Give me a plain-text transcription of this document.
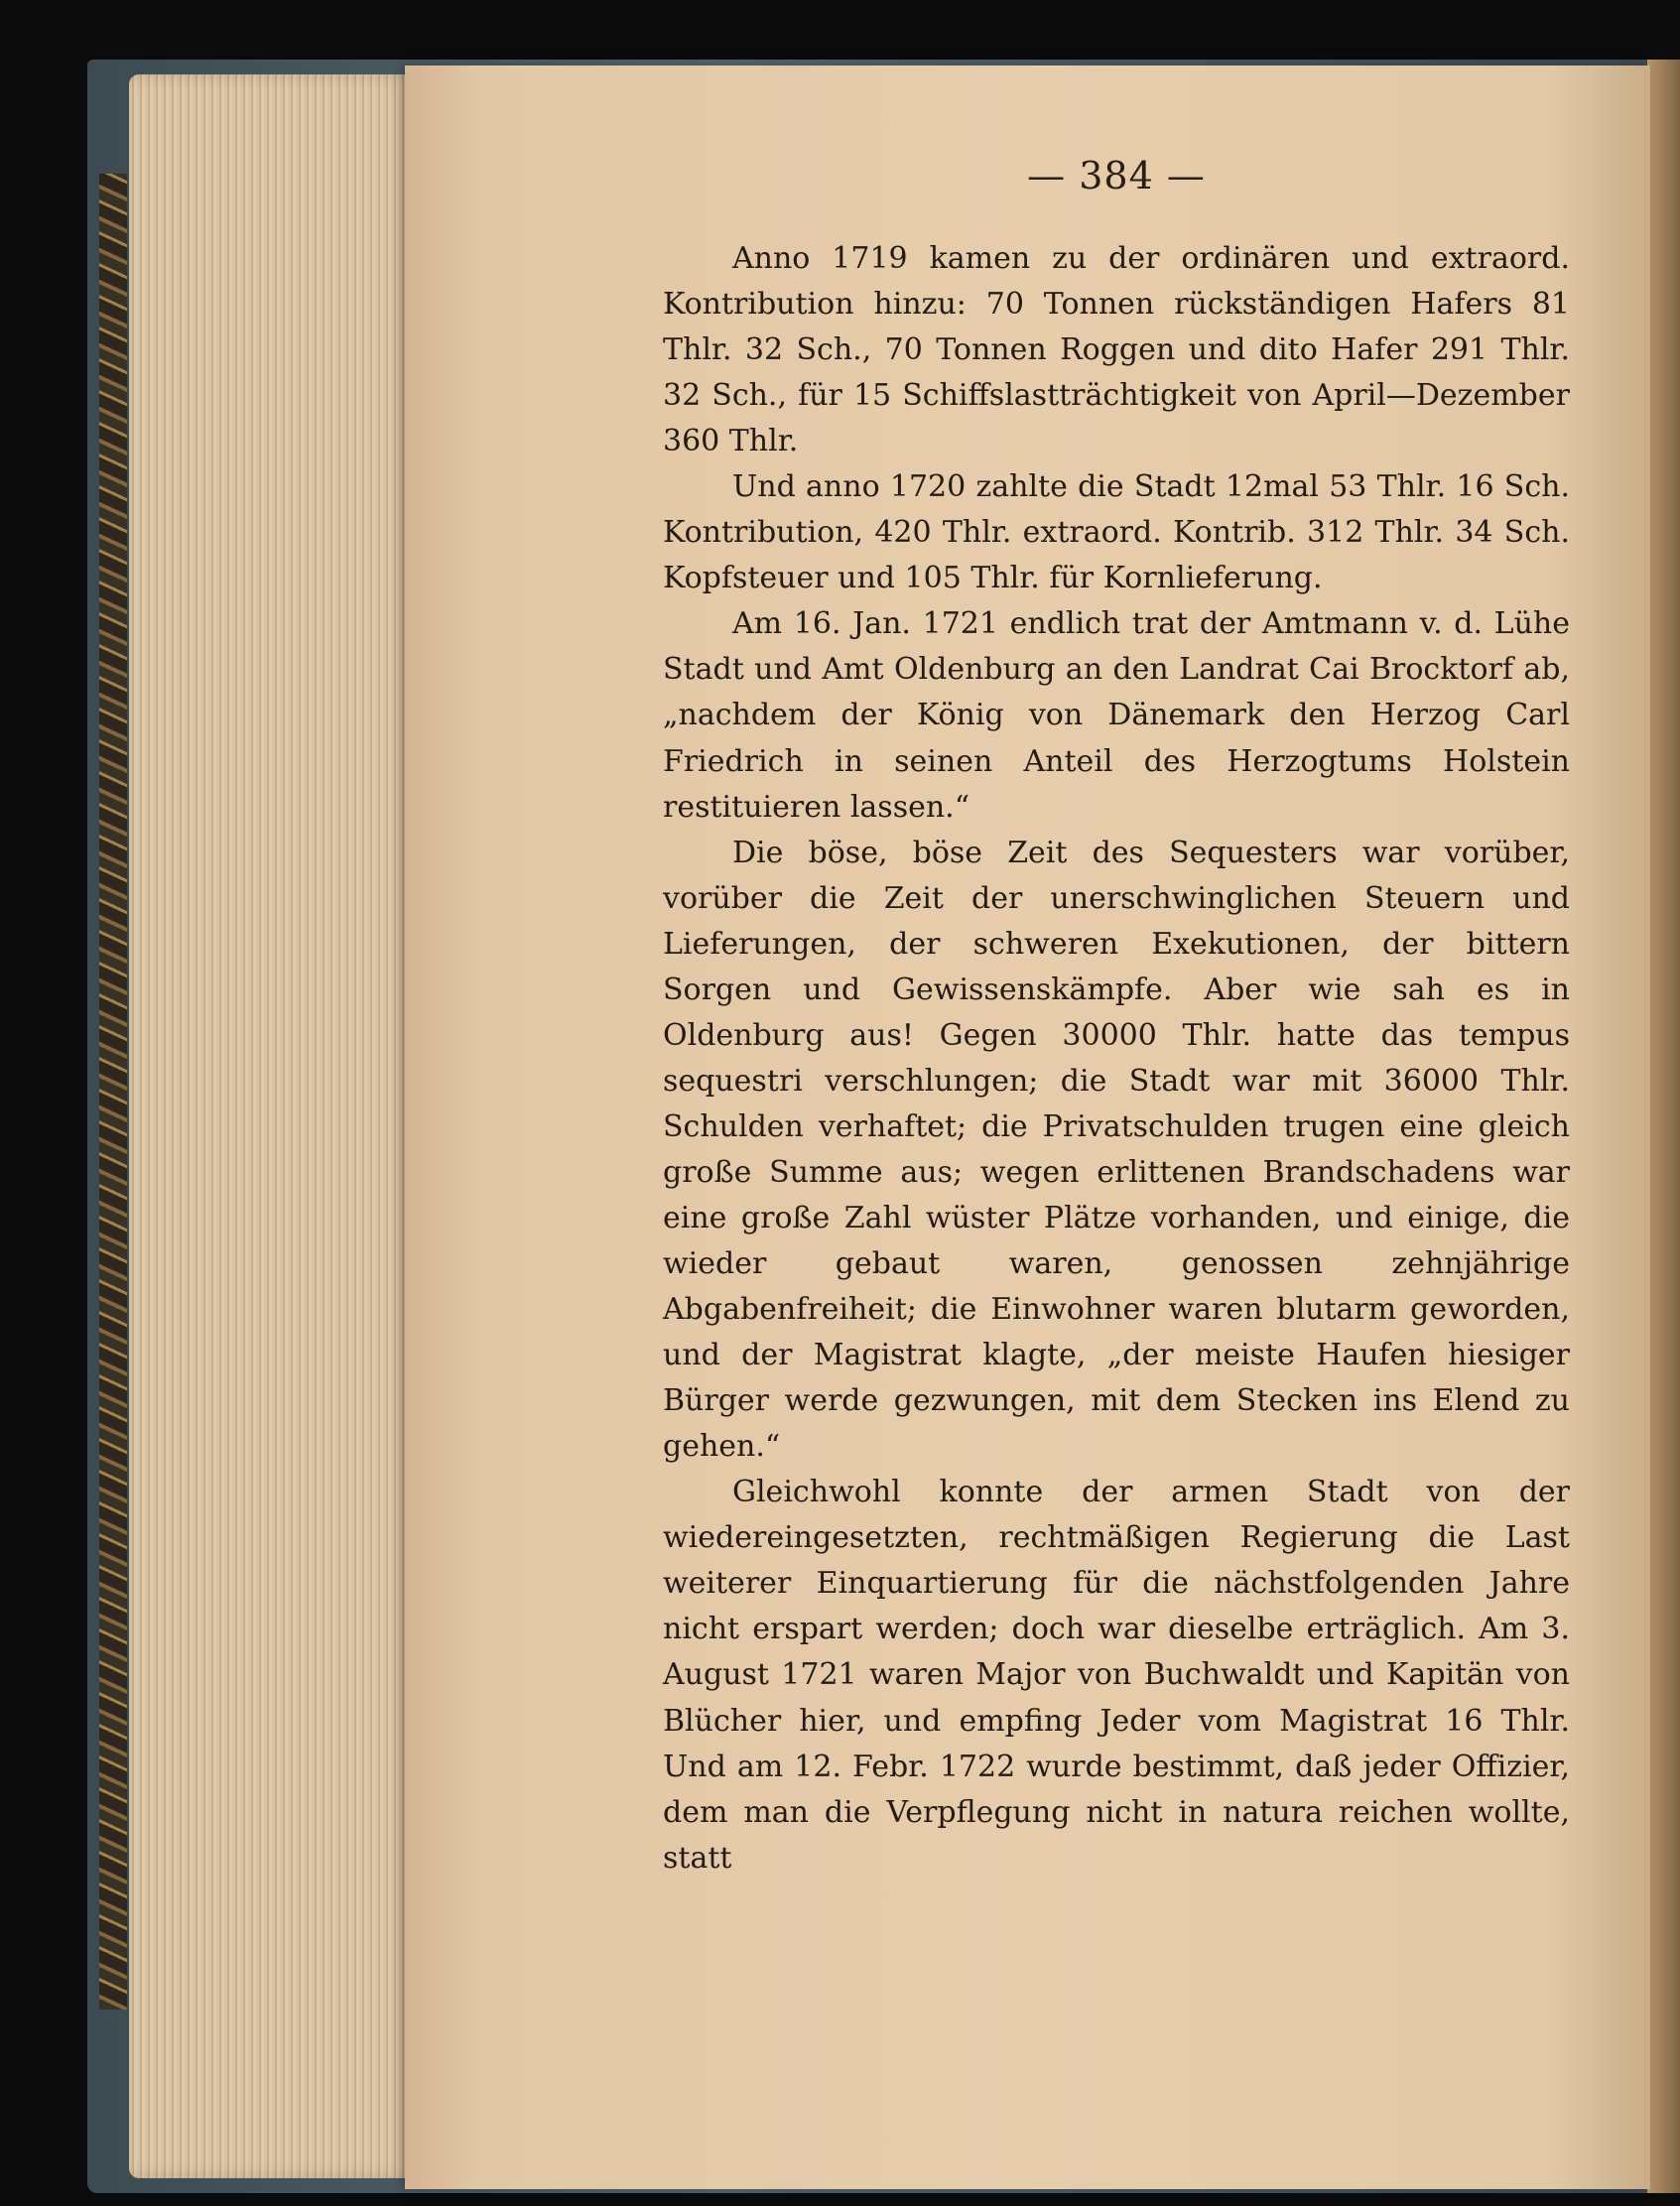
— 384 —

Anno 1719 kamen zu der ordinären und extraord. Kontribution hinzu: 70 Tonnen rückständigen Hafers 81 Thlr. 32 Sch., 70 Tonnen Roggen und dito Hafer 291 Thlr. 32 Sch., für 15 Schiffslastträchtigkeit von April—Dezember 360 Thlr.

Und anno 1720 zahlte die Stadt 12mal 53 Thlr. 16 Sch. Kontribution, 420 Thlr. extraord. Kontrib. 312 Thlr. 34 Sch. Kopfsteuer und 105 Thlr. für Kornlieferung.

Am 16. Jan. 1721 endlich trat der Amtmann v. d. Lühe Stadt und Amt Oldenburg an den Landrat Cai Brocktorf ab, „nachdem der König von Dänemark den Herzog Carl Friedrich in seinen Anteil des Herzogtums Holstein restituieren lassen.“

Die böse, böse Zeit des Sequesters war vorüber, vorüber die Zeit der unerschwinglichen Steuern und Lieferungen, der schweren Exekutionen, der bittern Sorgen und Gewissenskämpfe. Aber wie sah es in Oldenburg aus! Gegen 30000 Thlr. hatte das tempus sequestri verschlungen; die Stadt war mit 36000 Thlr. Schulden verhaftet; die Privatschulden trugen eine gleich große Summe aus; wegen erlittenen Brandschadens war eine große Zahl wüster Plätze vorhanden, und einige, die wieder gebaut waren, genossen zehnjährige Abgabenfreiheit; die Einwohner waren blutarm geworden, und der Magistrat klagte, „der meiste Haufen hiesiger Bürger werde gezwungen, mit dem Stecken ins Elend zu gehen.“

Gleichwohl konnte der armen Stadt von der wiedereingesetzten, rechtmäßigen Regierung die Last weiterer Einquartierung für die nächstfolgenden Jahre nicht erspart werden; doch war dieselbe erträglich. Am 3. August 1721 waren Major von Buchwaldt und Kapitän von Blücher hier, und empfing Jeder vom Magistrat 16 Thlr. Und am 12. Febr. 1722 wurde bestimmt, daß jeder Offizier, dem man die Verpflegung nicht in natura reichen wollte, statt
